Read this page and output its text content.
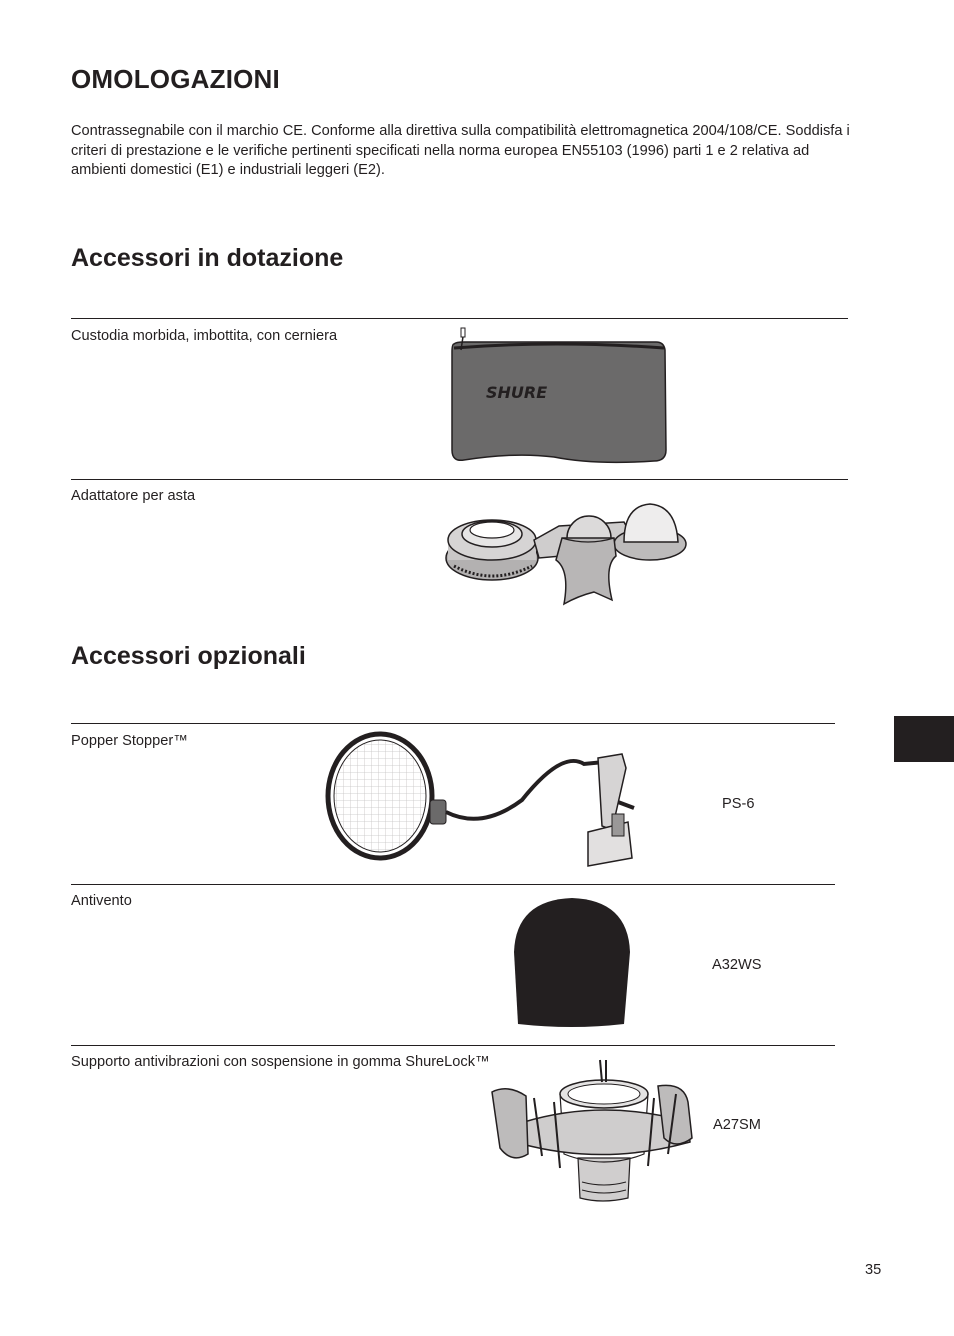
OMOLOGAZIONI

Contrassegnabile con il marchio CE. Conforme alla direttiva sulla compatibilità elettromagnetica 2004/108/CE. Soddisfa i criteri di prestazione e le verifiche pertinenti specificati nella norma europea EN55103 (1996) parti 1 e 2 relativa ad ambienti domestici (E1) e industriali leggeri (E2).

Accessori in dotazione
Custodia morbida, imbottita, con cerniera
SHURE
Adattatore per asta
Accessori opzionali
Popper Stopper™
PS-6
Antivento
A32WS
Supporto antivibrazioni con sospensione in gomma ShureLock™
A27SM
35
